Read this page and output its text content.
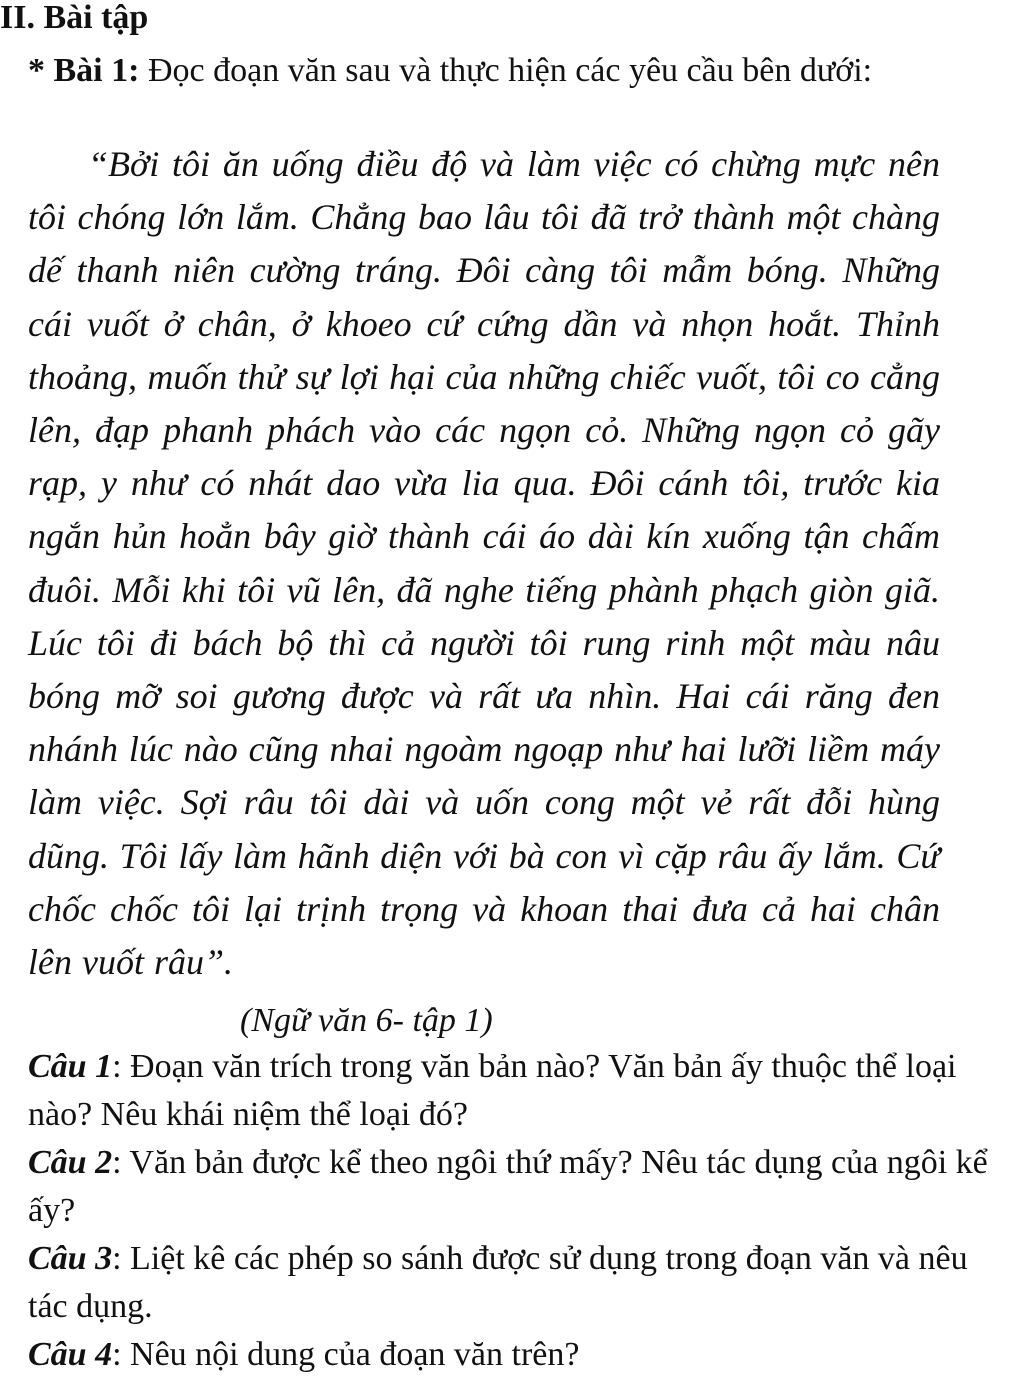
II. Bài tập
* Bài 1: Đọc đoạn văn sau và thực hiện các yêu cầu bên dưới:

“Bởi tôi ăn uống điều độ và làm việc có chừng mực nên tôi chóng lớn lắm. Chẳng bao lâu tôi đã trở thành một chàng dế thanh niên cường tráng. Đôi càng tôi mẫm bóng. Những cái vuốt ở chân, ở khoeo cứ cứng dần và nhọn hoắt. Thỉnh thoảng, muốn thử sự lợi hại của những chiếc vuốt, tôi co cẳng lên, đạp phanh phách vào các ngọn cỏ. Những ngọn cỏ gãy rạp, y như có nhát dao vừa lia qua. Đôi cánh tôi, trước kia ngắn hủn hoẳn bây giờ thành cái áo dài kín xuống tận chấm đuôi. Mỗi khi tôi vũ lên, đã nghe tiếng phành phạch giòn giã. Lúc tôi đi bách bộ thì cả người tôi rung rinh một màu nâu bóng mỡ soi gương được và rất ưa nhìn. Hai cái răng đen nhánh lúc nào cũng nhai ngoàm ngoạp như hai lưỡi liềm máy làm việc. Sợi râu tôi dài và uốn cong một vẻ rất đỗi hùng dũng. Tôi lấy làm hãnh diện với bà con vì cặp râu ấy lắm. Cứ chốc chốc tôi lại trịnh trọng và khoan thai đưa cả hai chân lên vuốt râu”.

(Ngữ văn 6- tập 1)

Câu 1: Đoạn văn trích trong văn bản nào? Văn bản ấy thuộc thể loại nào? Nêu khái niệm thể loại đó?

Câu 2: Văn bản được kể theo ngôi thứ mấy? Nêu tác dụng của ngôi kể ấy?

Câu 3: Liệt kê các phép so sánh được sử dụng trong đoạn văn và nêu tác dụng.

Câu 4: Nêu nội dung của đoạn văn trên?
